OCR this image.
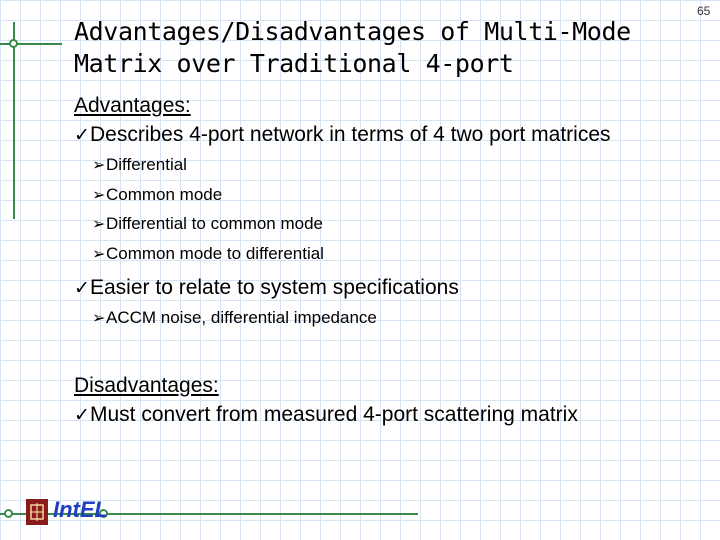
65
Advantages/Disadvantages of Multi-Mode
Matrix over Traditional 4-port
Advantages:
✓Describes 4-port network in terms of 4 two port matrices
➢Differential
➢Common mode
➢Differential to common mode
➢Common mode to differential
✓Easier to relate to system specifications
➢ACCM noise, differential impedance
Disadvantages:
✓Must convert from measured 4-port scattering matrix
IntEL
